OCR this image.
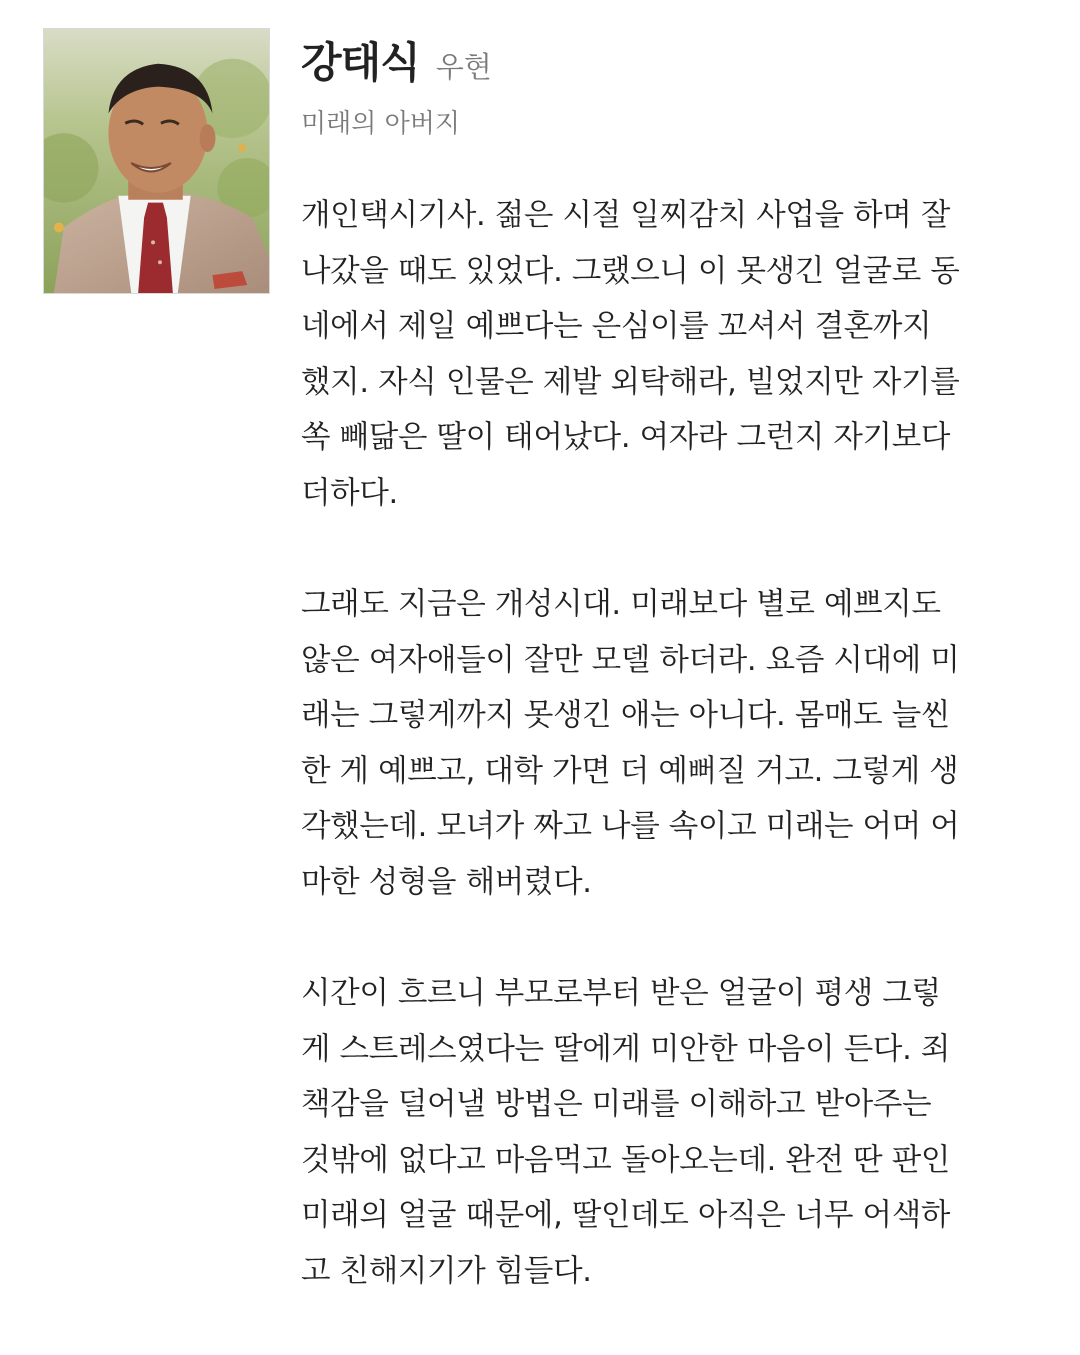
강태식 우현
미래의 아버지
개인택시기사. 젊은 시절 일찌감치 사업을 하며 잘
나갔을 때도 있었다. 그랬으니 이 못생긴 얼굴로 동
네에서 제일 예쁘다는 은심이를 꼬셔서 결혼까지
했지. 자식 인물은 제발 외탁해라, 빌었지만 자기를
쏙 빼닮은 딸이 태어났다. 여자라 그런지 자기보다
더하다.
그래도 지금은 개성시대. 미래보다 별로 예쁘지도
않은 여자애들이 잘만 모델 하더라. 요즘 시대에 미
래는 그렇게까지 못생긴 애는 아니다. 몸매도 늘씬
한 게 예쁘고, 대학 가면 더 예뻐질 거고. 그렇게 생
각했는데. 모녀가 짜고 나를 속이고 미래는 어머 어
마한 성형을 해버렸다.
시간이 흐르니 부모로부터 받은 얼굴이 평생 그렇
게 스트레스였다는 딸에게 미안한 마음이 든다. 죄
책감을 덜어낼 방법은 미래를 이해하고 받아주는
것밖에 없다고 마음먹고 돌아오는데. 완전 딴 판인
미래의 얼굴 때문에, 딸인데도 아직은 너무 어색하
고 친해지기가 힘들다.
